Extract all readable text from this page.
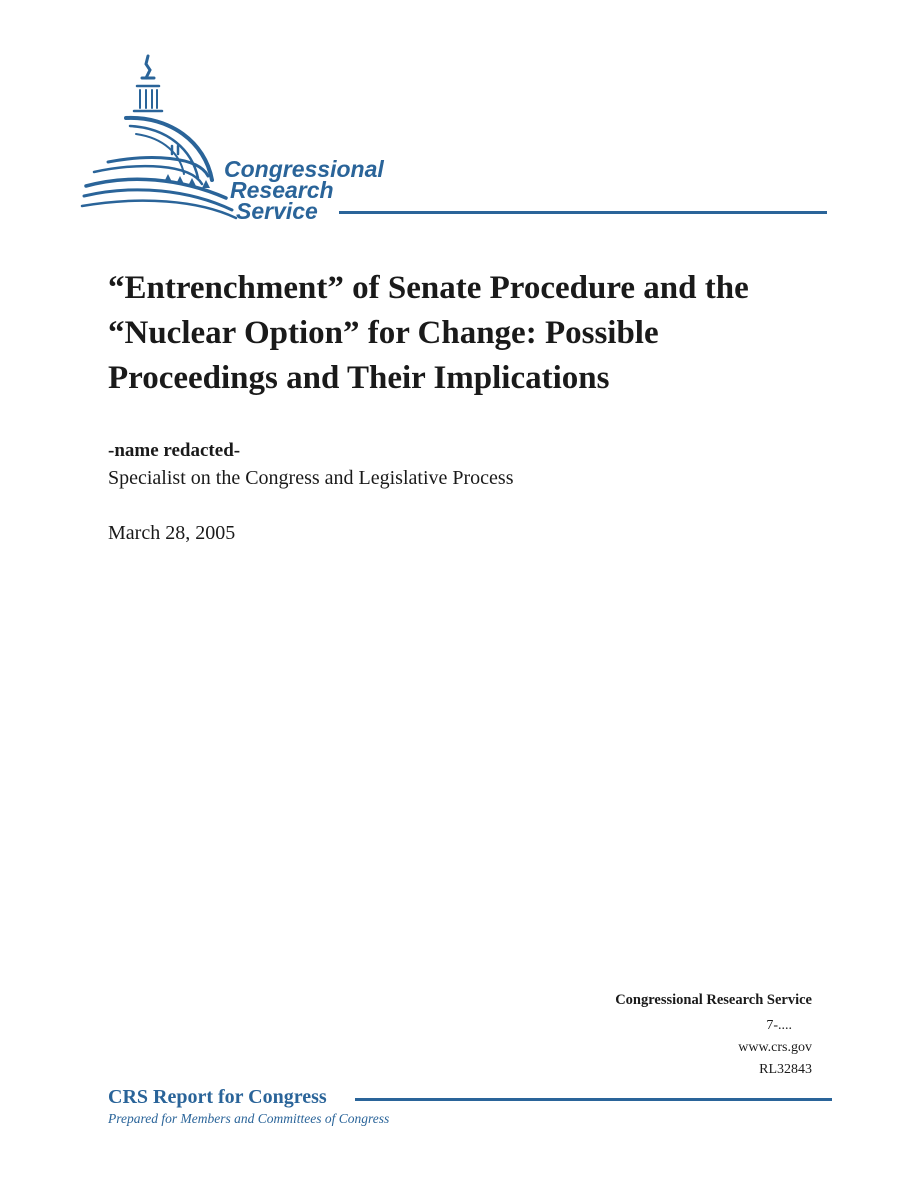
Congressional
Research
Service
“Entrenchment” of Senate Procedure and the
“Nuclear Option” for Change: Possible
Proceedings and Their Implications
-name redacted-
Specialist on the Congress and Legislative Process
March 28, 2005
Congressional Research Service
7-....
www.crs.gov
RL32843
CRS Report for Congress
Prepared for Members and Committees of Congress
